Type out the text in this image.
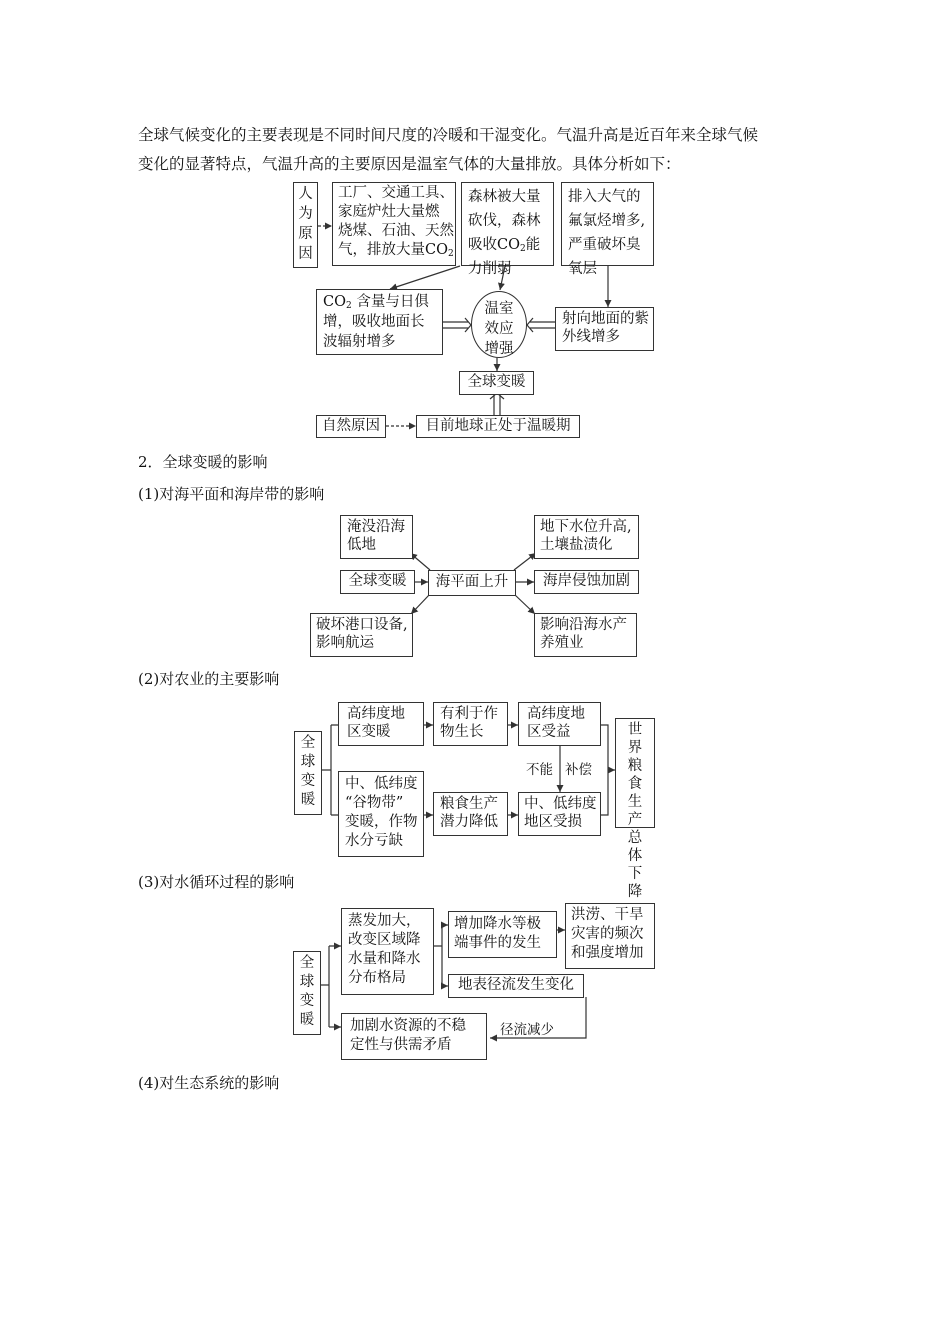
全球气候变化的主要表现是不同时间尺度的冷暖和干湿变化。气温升高是近百年来全球气候
变化的显著特点，气温升高的主要原因是温室气体的大量排放。具体分析如下：
人为原因
工厂、交通工具、
家庭炉灶大量燃
烧煤、石油、天然
气，排放大量$CO_2$
森林被大量
砍伐，森林
吸收$CO_2$能
力削弱
排入大气的
氟氯烃增多,
严重破坏臭
氧层
$CO_2$ 含量与日俱
增，吸收地面长
波辐射增多
温室
效应
增强
射向地面的紫
外线增多
全球变暖
自然原因	目前地球正处于温暖期
2．全球变暖的影响
(1)对海平面和海岸带的影响
淹没沿海
低地
地下水位升高,
土壤盐渍化
全球变暖	海平面上升	海岸侵蚀加剧
破坏港口设备,
影响航运
影响沿海水产
养殖业
(2)对农业的主要影响
全球变暖
高纬度地
区变暖
有利于作
物生长
高纬度地
区受益
中、低纬度
“谷物带”
变暖，作物
水分亏缺
粮食生产
潜力降低
中、低纬度
地区受损
世界粮食生产总体下降
不能 补偿
(3)对水循环过程的影响
全球变暖
蒸发加大，
改变区域降
水量和降水
分布格局
增加降水等极
端事件的发生
洪涝、干旱
灾害的频次
和强度增加
地表径流发生变化
加剧水资源的不稳
定性与供需矛盾
径流减少
(4)对生态系统的影响
